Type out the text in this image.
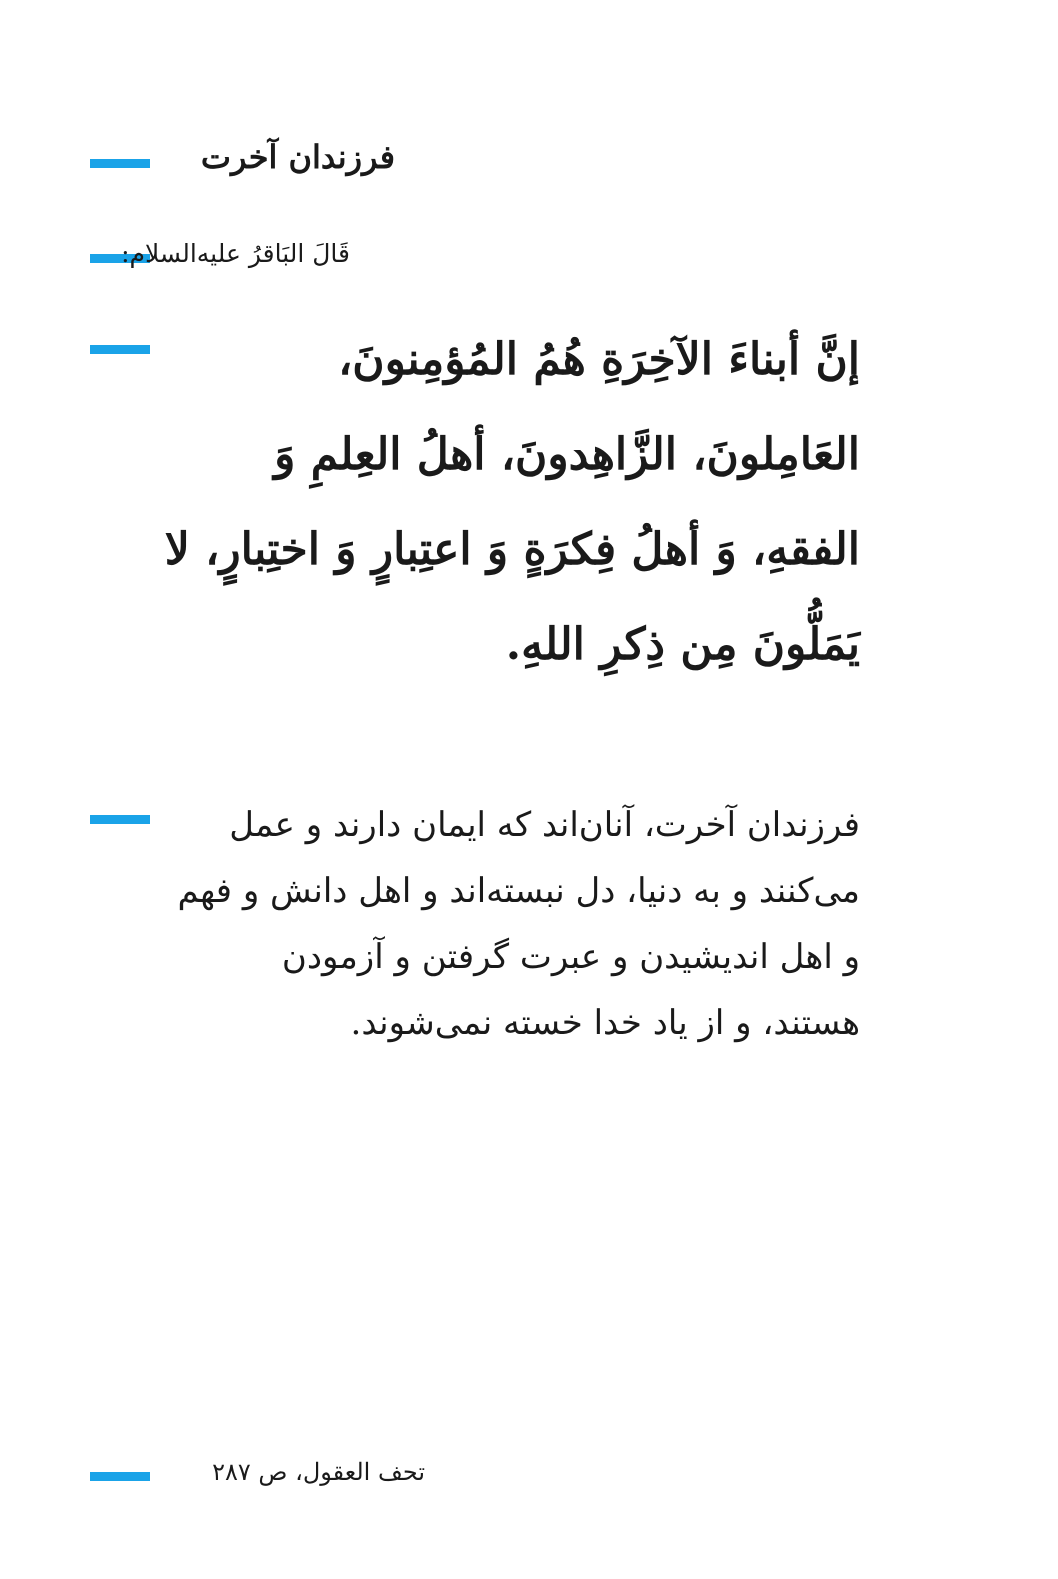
فرزندان آخرت
قَالَ البَاقرُ عليه‌السلام:
إنَّ أبناءَ الآخِرَةِ هُمُ المُؤمِنونَ، العَامِلونَ، الزَّاهِدونَ، أهلُ العِلمِ وَ الفقهِ، وَ أهلُ فِكرَةٍ وَ اعتِبارٍ وَ اختِبارٍ، لا يَمَلُّونَ مِن ذِكرِ اللهِ.
فرزندان آخرت، آنان‌اند که ایمان دارند و عمل می‌کنند و به دنیا، دل نبسته‌اند و اهل دانش و فهم و اهل اندیشیدن و عبرت گرفتن و آزمودن هستند، و از یاد خدا خسته نمی‌شوند.
تحف العقول، ص ۲۸۷
